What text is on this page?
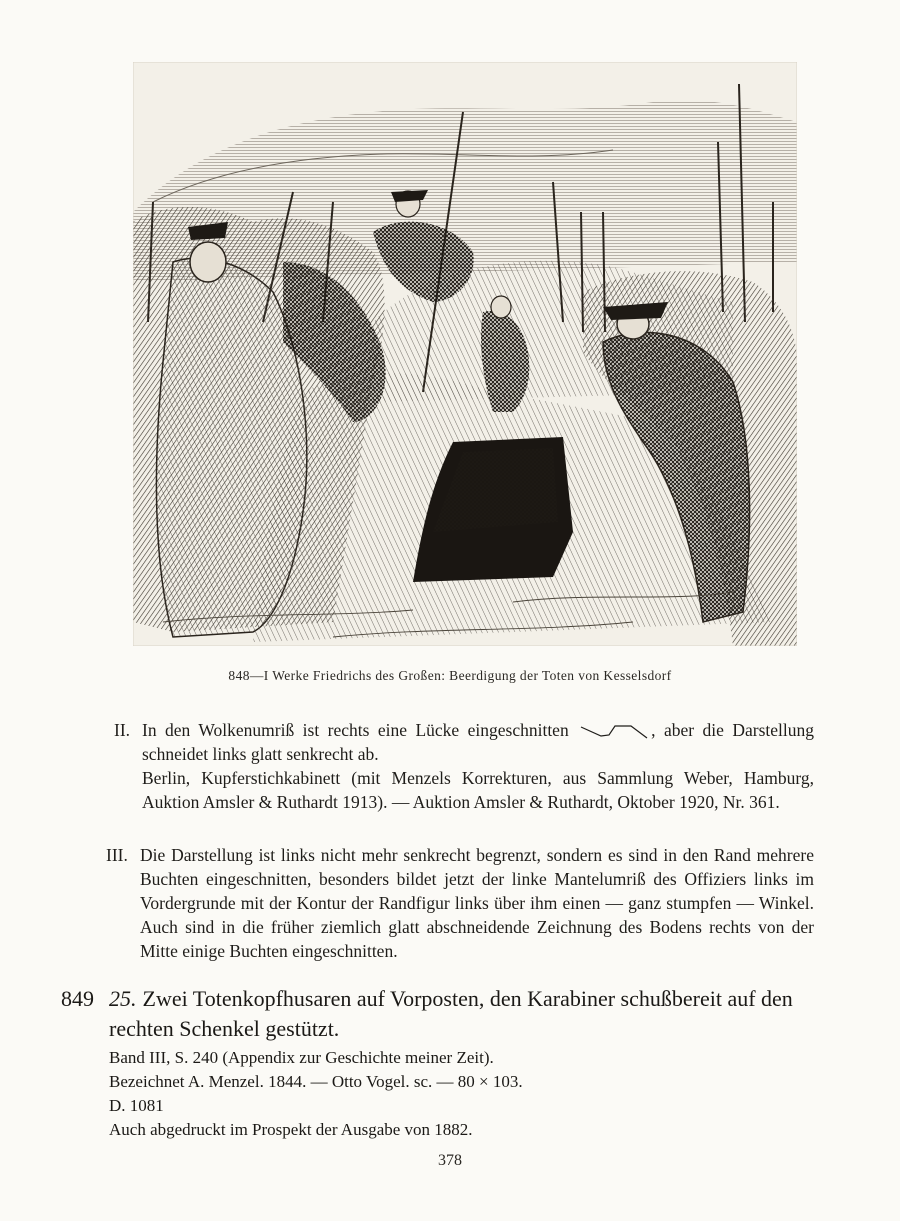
848—I Werke Friedrichs des Großen: Beerdigung der Toten von Kesselsdorf
II. In den Wolkenumriß ist rechts eine Lücke eingeschnitten	, aber die Darstellung schneidet links glatt senkrecht ab.

Berlin, Kupferstichkabinett (mit Menzels Korrekturen, aus Sammlung Weber, Hamburg, Auktion Amsler & Ruthardt 1913). — Auktion Amsler & Ruthardt, Oktober 1920, Nr. 361.

III. Die Darstellung ist links nicht mehr senkrecht begrenzt, sondern es sind in den Rand mehrere Buchten eingeschnitten, besonders bildet jetzt der linke Mantelumriß des Offiziers links im Vordergrunde mit der Kontur der Randfigur links über ihm einen — ganz stumpfen — Winkel. Auch sind in die früher ziemlich glatt abschneidende Zeichnung des Bodens rechts von der Mitte einige Buchten eingeschnitten.

849 25. Zwei Totenkopfhusaren auf Vorposten, den Karabiner schußbereit auf den rechten Schenkel gestützt.
Band III, S. 240 (Appendix zur Geschichte meiner Zeit).
Bezeichnet A. Menzel. 1844. — Otto Vogel. sc. — 80 × 103.
D. 1081
Auch abgedruckt im Prospekt der Ausgabe von 1882.
378
